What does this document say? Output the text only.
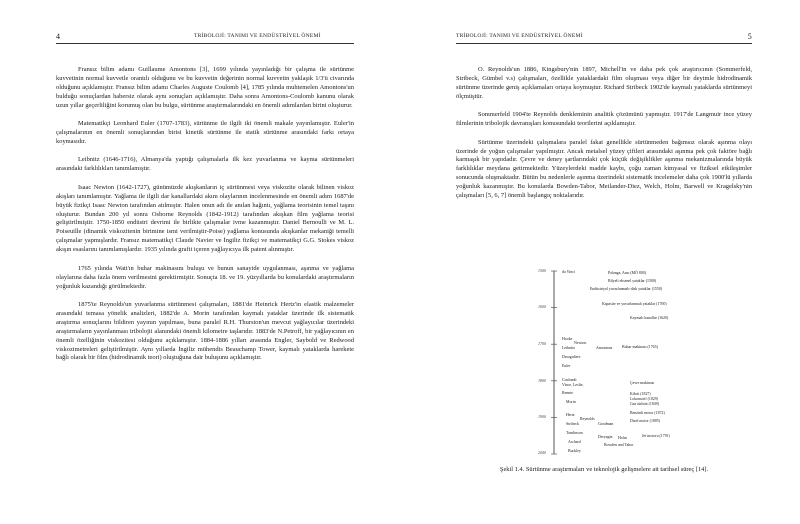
4	TRİBOLOJİ: TANIMI VE ENDÜSTRİYEL ÖNEMİ

Fransız bilim adamı Guillaume Amontons [3], 1699 yılında yayınladığı bir çalışma ile sürtünme kuvvetinin normal kuvvetle orantılı olduğunu ve bu kuvvetin değerinin normal kuvvetin yaklaşık 1/3'ü civarında olduğunu açıklamıştır. Fransız bilim adamı Charles Auguste Coulomb [4], 1785 yılında muhtemelen Amontons'un bulduğu sonuçlardan habersiz olarak aynı sonuçları açıklamıştır. Daha sonra Amontons-Coulomb kanunu olarak uzun yıllar geçerliliğini korumuş olan bu bulgu, sürtünme araştırmalarındaki en önemli adımlardan birini oluşturur.

Matematikçi Leonhard Euler (1707-1783), sürtünme ile ilgili iki önemli makale yayınlamıştır. Euler'in çalışmalarının en önemli sonuçlarından birisi kinetik sürtünme ile statik sürtünme arasındaki farkı ortaya koymasıdır.

Leibnitz (1646-1716), Almanya'da yaptığı çalışmalarla ilk kez yuvarlanma ve kayma sürtünmeleri arasındaki farklılıkları tanımlamıştır.

Isaac Newton (1642-1727), günümüzde akışkanların iç sürtünmesi veya viskozite olarak bilinen viskoz akışları tanımlamıştır. Yağlama ile ilgili dar kanallardaki akım olaylarının incelenmesinde en önemli adım 1687'de büyük fizikçi Isaac Newton tarafından atılmıştır. Halen onun adı ile anılan hağıntı, yağlama teorisinin temel taşını oluşturur. Bundan 200 yıl sonra Osborne Reynolds (1842-1912) tarafından akışkan film yağlama teorisi geliştirilmiştir. 1750-1850 endüstri devrimi ile birlikte çalışmalar ivme kazanmıştır. Daniel Bernoulli ve M. L. Poiseuille (dinamik viskozitenin birimine ismi verilmiştir-Poise) yağlama konusunda akışkanlar mekaniği temelli çalışmalar yapmışlardır. Fransız matematikçi Claude Navier ve İngiliz fizikçi ve matematikçi G.G. Stokes viskoz akışın esaslarını tanımlamışlardır. 1935 yılında grafit içeren yağlayıcıya ilk patent alınmıştır.

1765 yılında Watt'ın buhar makinasını buluşu ve bunun sanayide uygulanması, aşınma ve yağlama olaylarına daha fazla önem verilmesini gerektirmiştir. Sonuçta 18. ve 19. yüzyıllarda bu konulardaki araştırmaların yoğunluk kazandığı görülmektedir.

1875'te Reynolds'un yuvarlanma sürtünmesi çalışmaları, 1881'de Heinrick Hertz'in elastik malzemeler arasındaki temasa yönelik analizleri, 1882'de A. Morin tarafından kaymalı yataklar üzerinde ilk sistematik araştırma sonuçlarını bildiren yayının yapılması, buna paralel R.H. Thurston'un mevcut yağlayıcılar üzerindeki araştırmaların yayınlanması tribolojii alanındaki önemli kilometre taşlarıdır. 1883'de N.Petroff, bir yağlayıcının en önemli özelliğinin viskozitesi olduğunu açıklamıştır. 1884-1886 yılları arasında Engler, Saybold ve Redwood viskozimetreleri geliştirilmiştir. Aynı yıllarda İngiliz mühendis Beauchamp Tower, kaymalı yataklarda harekete bağlı olarak bir film (hidrodinamik teori) oluştuğuna dair buluşunu açıklamıştır.

TRİBOLOJİ: TANIMI VE ENDÜSTRİYEL ÖNEMİ	5

O. Reynolds'un 1886, Kingsbury'nin 1897, Michell'in ve daha pek çok araştırıcının (Sommerfeld, Stribeck, Gümbel v.s) çalışmaları, özellikle yataklardaki film oluşması veya diğer bir deyimle hidrodinamik sürtünme üzerinde geniş açıklamaları ortaya koymuştur. Richard Stribeck 1902'de kaymalı yataklarda sürtünmeyi ölçmüştür.

Sommerfeld 1904'te Reynolds denkleminin analitik çözümünü yapmıştır. 1917'de Langmuir ince yüzey filmlerinin tribolojik davranışları konusundaki teorilerini açıklamıştır.

Sürtünme üzerindeki çalışmalara paralel fakat genellikle sürtünmeden bağımsız olarak aşınma olayı üzerinde de yoğun çalışmalar yapılmıştır. Ancak metalsel yüzey çiftleri arasındaki aşınma pek çok faktöre bağlı karmaşık bir yapıdadır. Çevre ve deney şartlarındaki çok küçük değişiklikler aşınma mekanizmalarında büyük farklılıklar meydana getirmektedir. Yüzeylerdeki madde kaybı, çoğu zaman kimyasal ve fiziksel etkileşimler sonucunda oluşmaktadır. Bütün bu nedenlerle aşınma üzerindeki sistematik incelemeler daha çok 1900'lü yıllarda yoğunluk kazanmıştır. Bu konularda Bowden-Tabor, Meilander-Diez, Welch, Holm, Barwell ve Kragelsky'nin çalışmaları [5, 6, 7] önemli başlangıç noktalarıdır.

1500
1600
1700
1800
1900
2000
Palanga, Ansı (MÖ 800)
Bilyeli eksenel yataklar (1500)
Endüstriyel yuvarlanmalı-disk yataklar (1550)
Kapasite ve yuvarlanmalı yataklar (1700)
Kaymalı kanallar (1620)
Buhar makinası (1765)
Çevre makinası
Kibrit (1827)
Lokomotif (1829)
Gaz türbini (1849)
Benzinli motor (1872)
Dizel motor (1885)
Jet motoru (1791)
da Vinci
Hooke
Newton
Leibnitz	Amontons
Desaguliers
Euler
Coulomb
Vince, Leslie,
Rennie
Morin
Hertz
Reynolds
Stribeck	Goodman
Tomlinson
Deryagin Holm
Archard
Bowden and Tabor
Buckley
Şekil 1.4. Sürtünme araştırmaları ve teknolojik gelişmelere ait tarihsel süreç [14].
